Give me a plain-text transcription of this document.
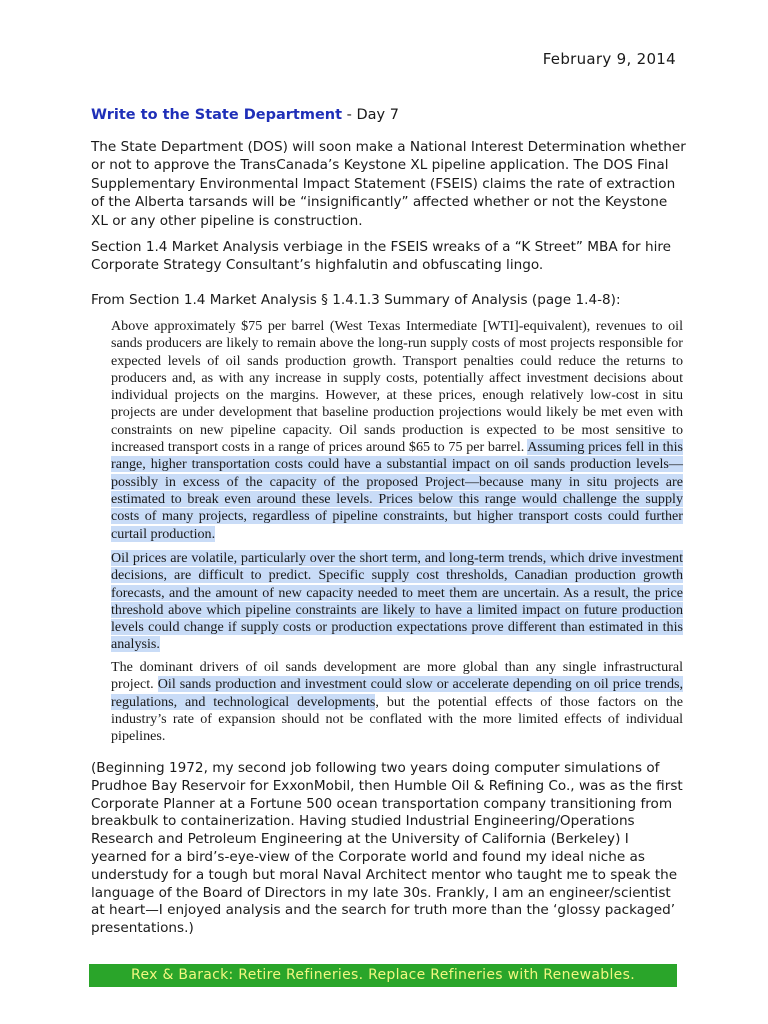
February 9, 2014
Write to the State Department - Day 7

The State Department (DOS) will soon make a National Interest Determination whether or not to approve the TransCanada’s Keystone XL pipeline application. The DOS Final Supplementary Environmental Impact Statement (FSEIS) claims the rate of extraction of the Alberta tarsands will be “insignificantly” affected whether or not the Keystone XL or any other pipeline is construction.

Section 1.4 Market Analysis verbiage in the FSEIS wreaks of a “K Street” MBA for hire Corporate Strategy Consultant’s highfalutin and obfuscating lingo.

From Section 1.4 Market Analysis § 1.4.1.3 Summary of Analysis (page 1.4-8):

Above approximately $75 per barrel (West Texas Intermediate [WTI]-equivalent), revenues to oil sands producers are likely to remain above the long-run supply costs of most projects responsible for expected levels of oil sands production growth. Transport penalties could reduce the returns to producers and, as with any increase in supply costs, potentially affect investment decisions about individual projects on the margins. However, at these prices, enough relatively low-cost in situ projects are under development that baseline production projections would likely be met even with constraints on new pipeline capacity. Oil sands production is expected to be most sensitive to increased transport costs in a range of prices around $65 to 75 per barrel. Assuming prices fell in this range, higher transportation costs could have a substantial impact on oil sands production levels—possibly in excess of the capacity of the proposed Project—because many in situ projects are estimated to break even around these levels. Prices below this range would challenge the supply costs of many projects, regardless of pipeline constraints, but higher transport costs could further curtail production.

Oil prices are volatile, particularly over the short term, and long-term trends, which drive investment decisions, are difficult to predict. Specific supply cost thresholds, Canadian production growth forecasts, and the amount of new capacity needed to meet them are uncertain. As a result, the price threshold above which pipeline constraints are likely to have a limited impact on future production levels could change if supply costs or production expectations prove different than estimated in this analysis.

The dominant drivers of oil sands development are more global than any single infrastructural project. Oil sands production and investment could slow or accelerate depending on oil price trends, regulations, and technological developments, but the potential effects of those factors on the industry’s rate of expansion should not be conflated with the more limited effects of individual pipelines.

(Beginning 1972, my second job following two years doing computer simulations of Prudhoe Bay Reservoir for ExxonMobil, then Humble Oil & Refining Co., was as the first Corporate Planner at a Fortune 500 ocean transportation company transitioning from breakbulk to containerization. Having studied Industrial Engineering/Operations Research and Petroleum Engineering at the University of California (Berkeley) I yearned for a bird’s-eye-view of the Corporate world and found my ideal niche as understudy for a tough but moral Naval Architect mentor who taught me to speak the language of the Board of Directors in my late 30s. Frankly, I am an engineer/scientist at heart—I enjoyed analysis and the search for truth more than the ‘glossy packaged’ presentations.)

Rex & Barack: Retire Refineries. Replace Refineries with Renewables.
